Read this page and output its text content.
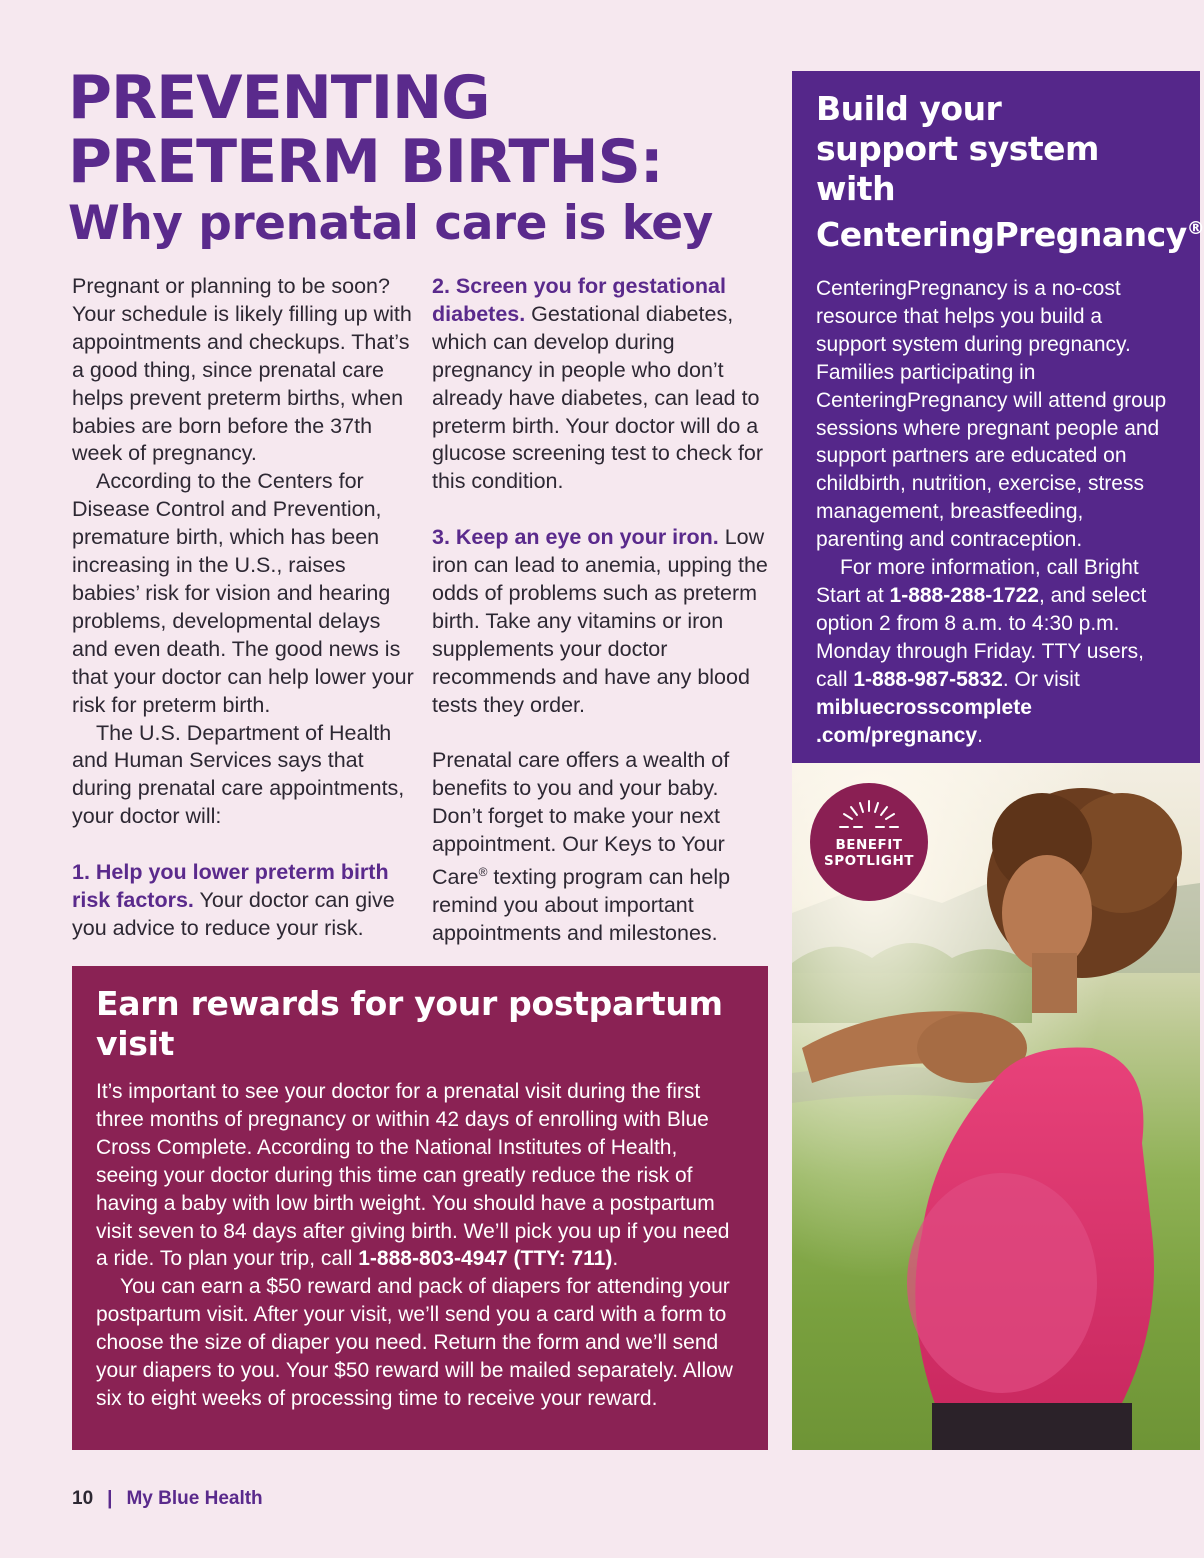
PREVENTING
PRETERM BIRTHS:
Why prenatal care is key

Pregnant or planning to be soon? Your schedule is likely filling up with appointments and checkups. That’s a good thing, since prenatal care helps prevent preterm births, when babies are born before the 37th week of pregnancy.

According to the Centers for Disease Control and Prevention, premature birth, which has been increasing in the U.S., raises babies’ risk for vision and hearing problems, developmental delays and even death. The good news is that your doctor can help lower your risk for preterm birth.

The U.S. Department of Health and Human Services says that during prenatal care appointments, your doctor will:

1. Help you lower preterm birth risk factors. Your doctor can give you advice to reduce your risk.

2. Screen you for gestational diabetes. Gestational diabetes, which can develop during pregnancy in people who don’t already have diabetes, can lead to preterm birth. Your doctor will do a glucose screening test to check for this condition.

3. Keep an eye on your iron. Low iron can lead to anemia, upping the odds of problems such as preterm birth. Take any vitamins or iron supplements your doctor recommends and have any blood tests they order.

Prenatal care offers a wealth of benefits to you and your baby. Don’t forget to make your next appointment. Our Keys to Your Care® texting program can help remind you about important appointments and milestones.

Build your
support system with
CenteringPregnancy®

CenteringPregnancy is a no-cost resource that helps you build a support system during pregnancy. Families participating in CenteringPregnancy will attend group sessions where pregnant people and support partners are educated on childbirth, nutrition, exercise, stress management, breastfeeding, parenting and contraception.

For more information, call Bright Start at 1-888-288-1722, and select option 2 from 8 a.m. to 4:30 p.m. Monday through Friday. TTY users, call 1-888-987-5832. Or visit mibluecrosscomplete
.com/pregnancy.

BENEFIT
SPOTLIGHT
Earn rewards for your postpartum visit

It’s important to see your doctor for a prenatal visit during the first three months of pregnancy or within 42 days of enrolling with Blue Cross Complete. According to the National Institutes of Health, seeing your doctor during this time can greatly reduce the risk of having a baby with low birth weight. You should have a postpartum visit seven to 84 days after giving birth. We’ll pick you up if you need a ride. To plan your trip, call 1-888-803-4947 (TTY: 711).

You can earn a $50 reward and pack of diapers for attending your postpartum visit. After your visit, we’ll send you a card with a form to choose the size of diaper you need. Return the form and we’ll send your diapers to you. Your $50 reward will be mailed separately. Allow six to eight weeks of processing time to receive your reward.

10 | My Blue Health
